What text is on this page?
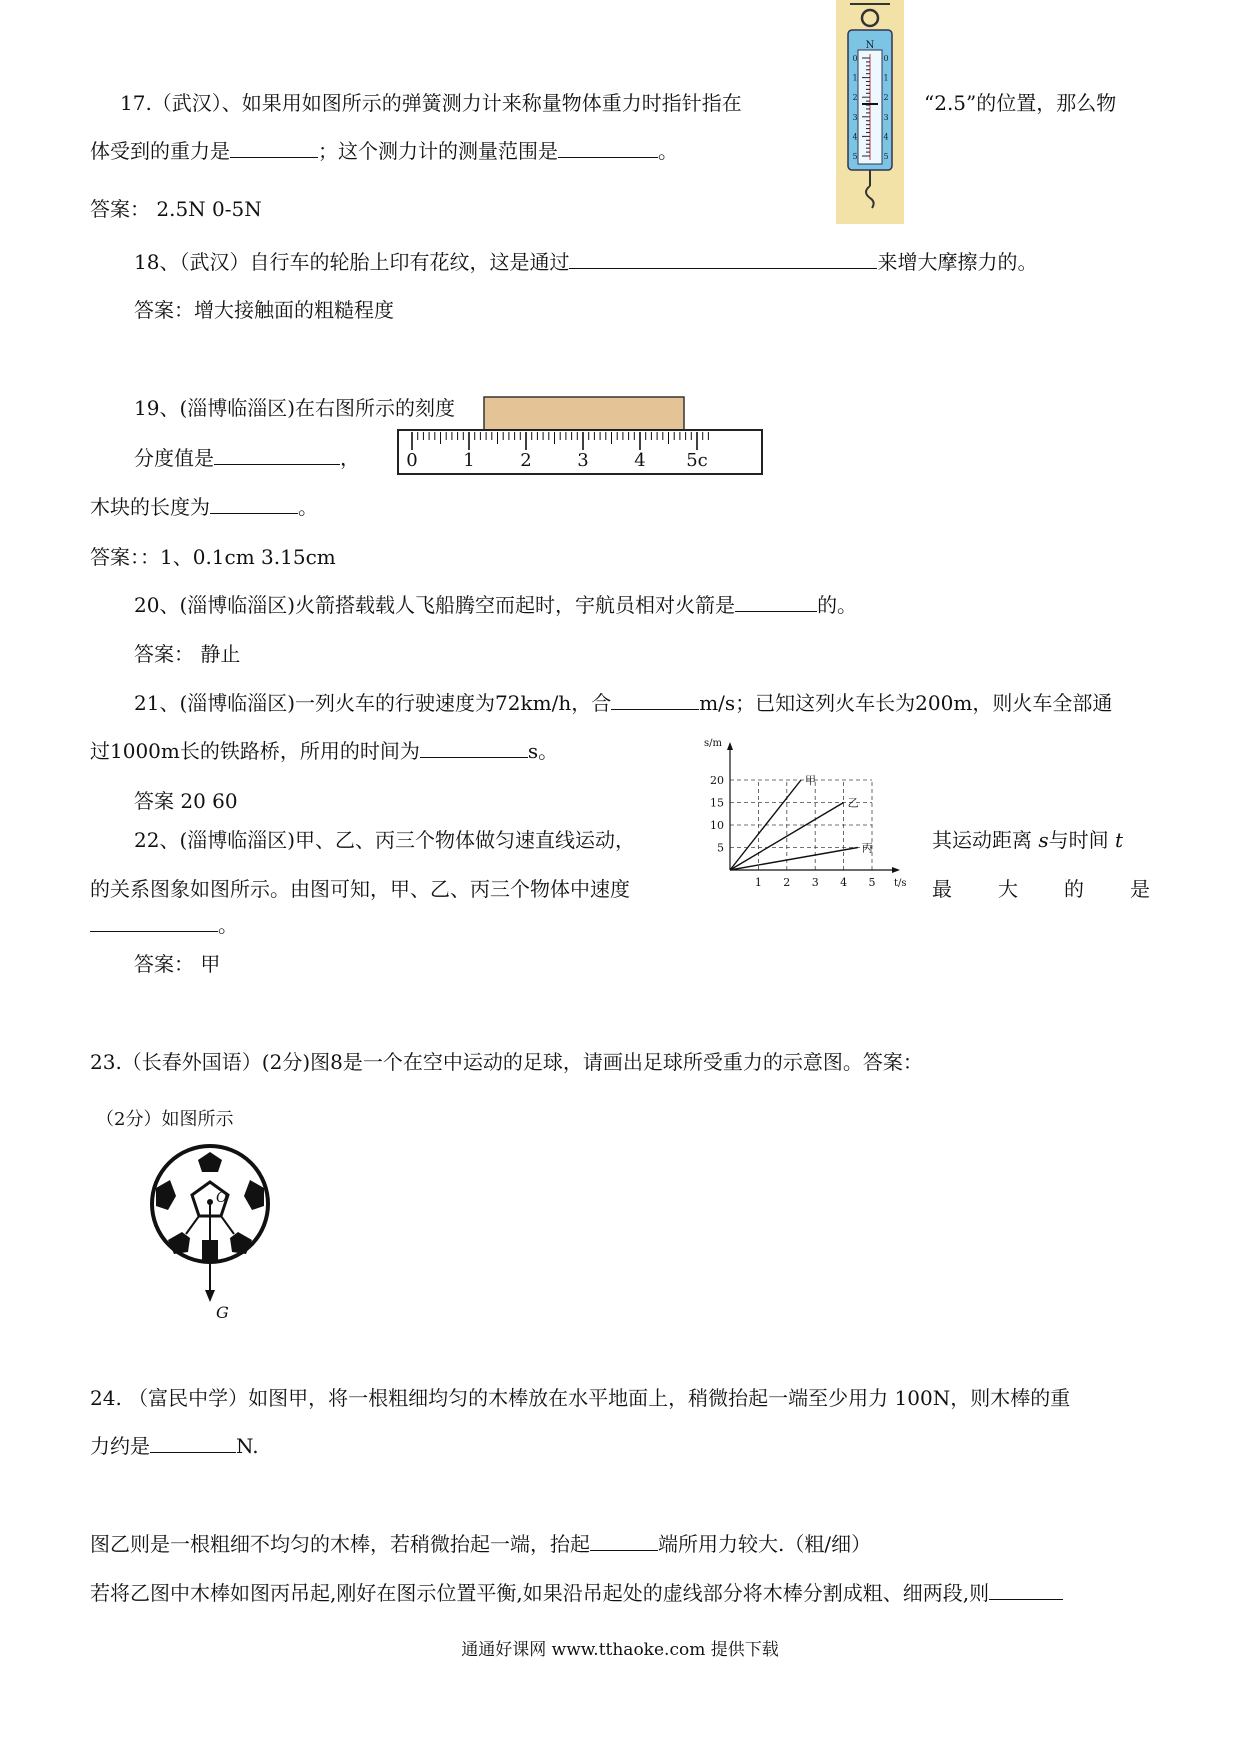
17.（武汉）、如果用如图所示的弹簧测力计来称量物体重力时指针指在	“2.5”的位置，那么物
0	0
1	1
2	2
3	3
4	4
5	5
N
体受到的重力是	；这个测力计的测量范围是	。
答案： 2.5N 0-5N
18、（武汉）自行车的轮胎上印有花纹，这是通过	来增大摩擦力的。
答案：增大接触面的粗糙程度
19、(淄博临淄区)在右图所示的刻度
0	1	2	3	4 5c
分度值是	，
木块的长度为	。
答案：：1、0.1cm 3.15cm
20、(淄博临淄区)火箭搭载载人飞船腾空而起时，宇航员相对火箭是	的。
答案： 静止
21、(淄博临淄区)一列火车的行驶速度为72km/h，合	m/s；已知这列火车长为200m，则火车全部通
过1000m长的铁路桥，所用的时间为	s。
答案 20 60
22、(淄博临淄区)甲、乙、丙三个物体做匀速直线运动，	其运动距离 s与时间 t
s/m
t/s
1 2 3 4 5
5
10
15
20	甲
乙
丙
的关系图象如图所示。由图可知，甲、乙、丙三个物体中速度	最 大 的 是
。
答案： 甲
23.（长春外国语）(2分)图8是一个在空中运动的足球，请画出足球所受重力的示意图。答案：
（2分）如图所示
O
G
24. （富民中学）如图甲，将一根粗细均匀的木棒放在水平地面上，稍微抬起一端至少用力 100N，则木棒的重
力约是	N.
图乙则是一根粗细不均匀的木棒，若稍微抬起一端，抬起	端所用力较大.（粗/细）
若将乙图中木棒如图丙吊起,刚好在图示位置平衡,如果沿吊起处的虚线部分将木棒分割成粗、细两段,则
通通好课网 www.tthaoke.com 提供下载
